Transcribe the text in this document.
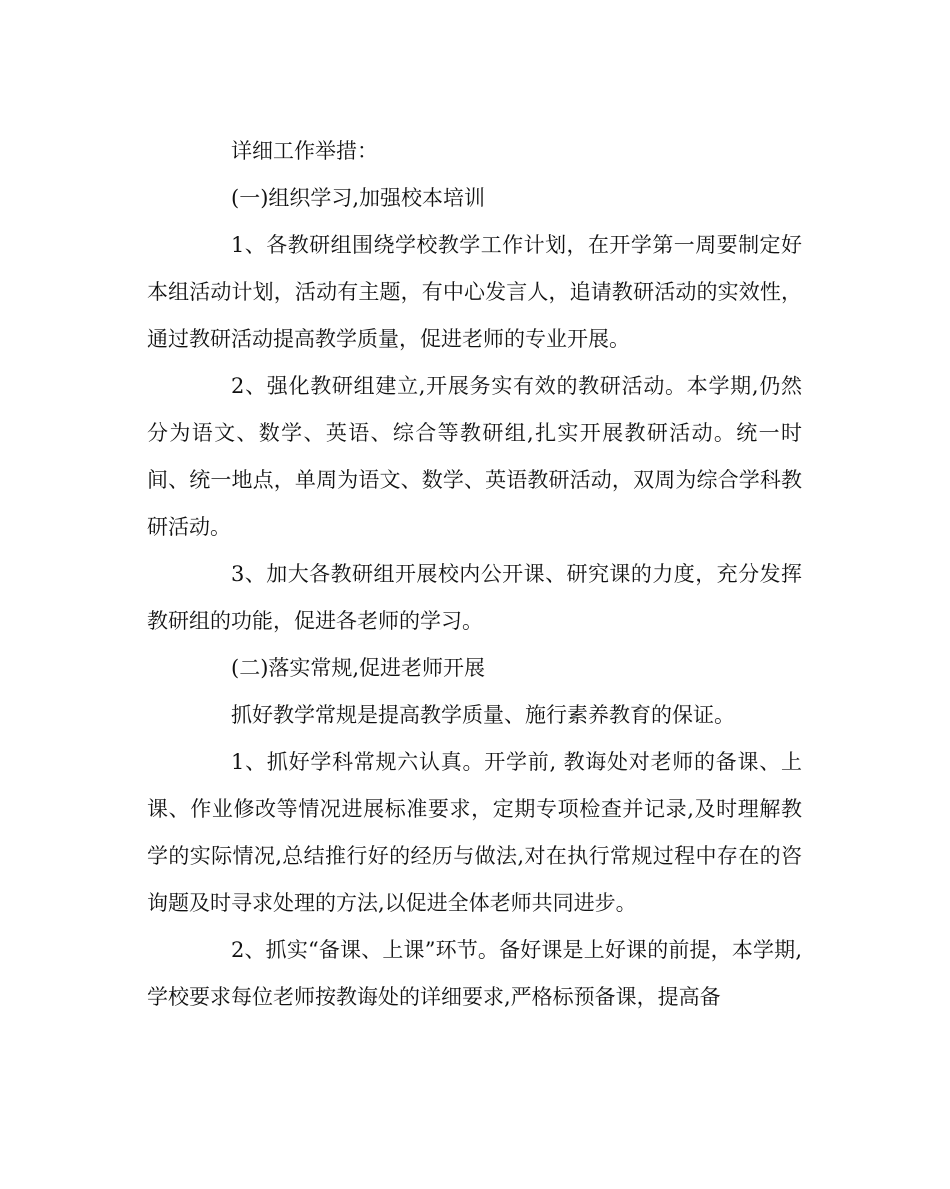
详细工作举措：

(一)组织学习,加强校本培训

1、各教研组围绕学校教学工作计划，在开学第一周要制定好本组活动计划，活动有主题，有中心发言人，追请教研活动的实效性，通过教研活动提高教学质量，促进老师的专业开展。

2、强化教研组建立,开展务实有效的教研活动。本学期,仍然分为语文、数学、英语、综合等教研组,扎实开展教研活动。统一时间、统一地点，单周为语文、数学、英语教研活动，双周为综合学科教研活动。

3、加大各教研组开展校内公开课、研究课的力度，充分发挥教研组的功能，促进各老师的学习。

(二)落实常规,促进老师开展

抓好教学常规是提高教学质量、施行素养教育的保证。

1、抓好学科常规六认真。开学前, 教诲处对老师的备课、上课、作业修改等情况进展标准要求，定期专项检查并记录,及时理解教学的实际情况,总结推行好的经历与做法,对在执行常规过程中存在的咨询题及时寻求处理的方法,以促进全体老师共同进步。

2、抓实“备课、上课”环节。备好课是上好课的前提，本学期,学校要求每位老师按教诲处的详细要求,严格标预备课，提高备
